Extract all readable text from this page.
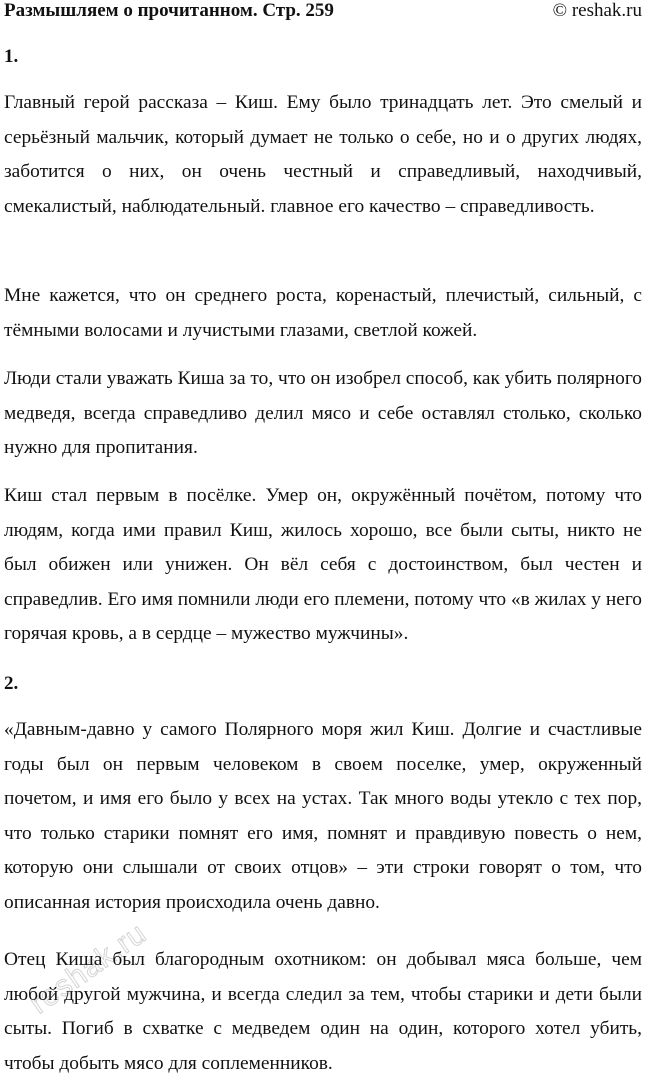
Размышляем о прочитанном. Стр. 259	© reshak.ru
1.

Главный герой рассказа – Киш. Ему было тринадцать лет. Это смелый и серьёзный мальчик, который думает не только о себе, но и о других людях, заботится о них, он очень честный и справедливый, находчивый, смекалистый, наблюдательный. главное его качество – справедливость.

Мне кажется, что он среднего роста, коренастый, плечистый, сильный, с тёмными волосами и лучистыми глазами, светлой кожей.

Люди стали уважать Киша за то, что он изобрел способ, как убить полярного медведя, всегда справедливо делил мясо и себе оставлял столько, сколько нужно для пропитания.

Киш стал первым в посёлке. Умер он, окружённый почётом, потому что людям, когда ими правил Киш, жилось хорошо, все были сыты, никто не был обижен или унижен. Он вёл себя с достоинством, был честен и справедлив. Его имя помнили люди его племени, потому что «в жилах у него горячая кровь, а в сердце – мужество мужчины».

2.

«Давным-давно у самого Полярного моря жил Киш. Долгие и счастливые годы был он первым человеком в своем поселке, умер, окруженный почетом, и имя его было у всех на устах. Так много воды утекло с тех пор, что только старики помнят его имя, помнят и правдивую повесть о нем, которую они слышали от своих отцов» – эти строки говорят о том, что описанная история происходила очень давно.

Отец Киша был благородным охотником: он добывал мяса больше, чем любой другой мужчина, и всегда следил за тем, чтобы старики и дети были сыты. Погиб в схватке с медведем один на один, которого хотел убить, чтобы добыть мясо для соплеменников.

reshak.ru
